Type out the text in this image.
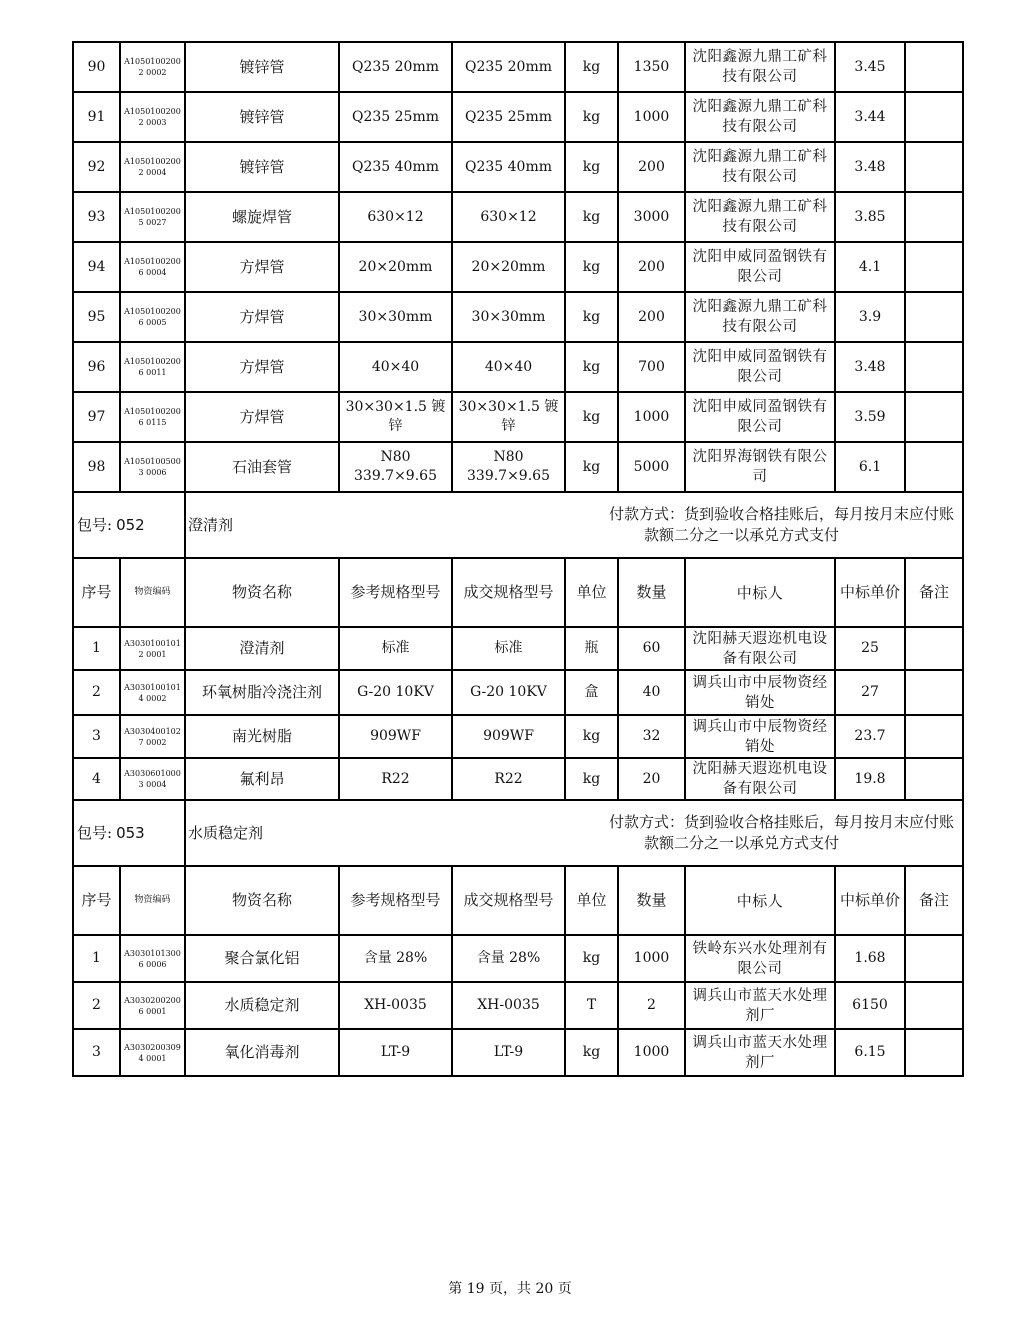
90	A10501002002 0002	镀锌管	Q235 20mm	Q235 20mm	kg	1350	沈阳鑫源九鼎工矿科技有限公司	3.45	
91	A10501002002 0003	镀锌管	Q235 25mm	Q235 25mm	kg	1000	沈阳鑫源九鼎工矿科技有限公司	3.44	
92	A10501002002 0004	镀锌管	Q235 40mm	Q235 40mm	kg	200	沈阳鑫源九鼎工矿科技有限公司	3.48	
93	A10501002005 0027	螺旋焊管	630×12	630×12	kg	3000	沈阳鑫源九鼎工矿科技有限公司	3.85	
94	A10501002006 0004	方焊管	20×20mm	20×20mm	kg	200	沈阳申威同盈钢铁有限公司	4.1	
95	A10501002006 0005	方焊管	30×30mm	30×30mm	kg	200	沈阳鑫源九鼎工矿科技有限公司	3.9	
96	A10501002006 0011	方焊管	40×40	40×40	kg	700	沈阳申威同盈钢铁有限公司	3.48	
97	A10501002006 0115	方焊管	30×30×1.5 镀锌	30×30×1.5 镀锌	kg	1000	沈阳申威同盈钢铁有限公司	3.59	
98	A10501005003 0006	石油套管	N80 339.7×9.65	N80 339.7×9.65	kg	5000	沈阳界海钢铁有限公司	6.1	
包号: 052		澄清剂			付款方式：货到验收合格挂账后，每月按月末应付账
款额二分之一以承兑方式支付				

序号	物资编码	物资名称	参考规格型号	成交规格型号	单位	数量	中标人	中标单价	备注
1	A30301001012 0001	澄清剂	标准	标准	瓶	60	沈阳赫天遐迩机电设备有限公司	25	
2	A30301001014 0002	环氧树脂冷浇注剂	G-20 10KV	G-20 10KV	盒	40	调兵山市中辰物资经销处	27	
3	A30304001027 0002	南光树脂	909WF	909WF	kg	32	调兵山市中辰物资经销处	23.7	
4	A30306010003 0004	氟利昂	R22	R22	kg	20	沈阳赫天遐迩机电设备有限公司	19.8	
包号: 053		水质稳定剂			付款方式：货到验收合格挂账后，每月按月末应付账
款额二分之一以承兑方式支付				

序号	物资编码	物资名称	参考规格型号	成交规格型号	单位	数量	中标人	中标单价	备注
1	A30301013006 0006	聚合氯化铝	含量 28%	含量 28%	kg	1000	铁岭东兴水处理剂有限公司	1.68	
2	A30302002006 0001	水质稳定剂	XH-0035	XH-0035	T	2	调兵山市蓝天水处理剂厂	6150	
3	A30302003094 0001	氧化消毒剂	LT-9	LT-9	kg	1000	调兵山市蓝天水处理剂厂	6.15	
第 19 页，共 20 页
